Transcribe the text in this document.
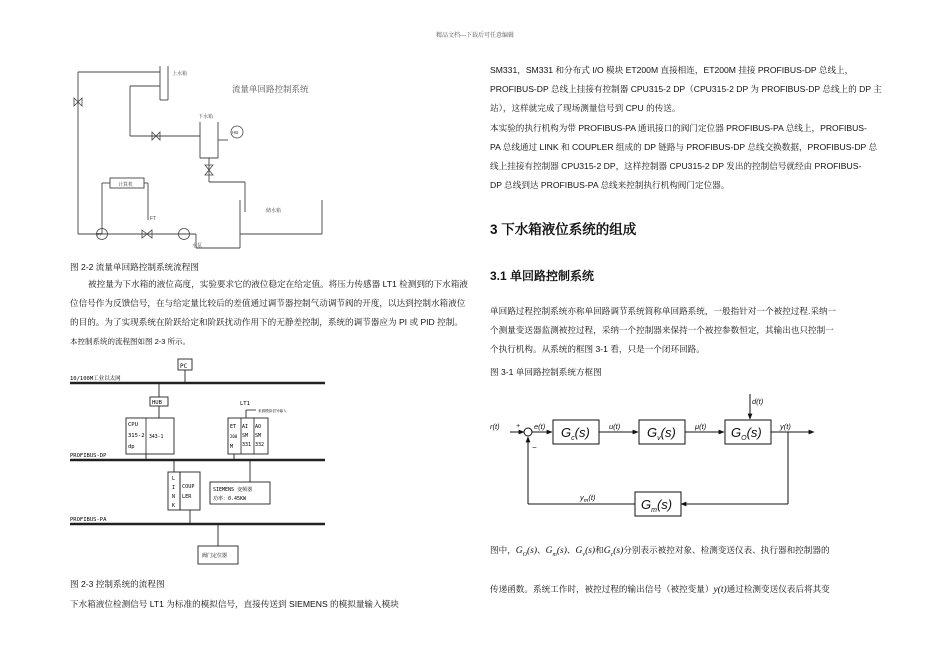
精品文档---下载后可任意编辑
流量单回路控制系统
上水箱
下水箱
储水箱
计算机
FT
FT
水泵
HB
图 2-2 流量单回路控制系统流程图
被控量为下水箱的液位高度，实验要求它的液位稳定在给定值。将压力传感器 LT1 检测到的下水箱液位信号作为反馈信号，在与给定量比较后的差值通过调节器控制气动调节阀的开度，以达到控制水箱液位的目的。为了实现系统在阶跃给定和阶跃扰动作用下的无静差控制，系统的调节器应为 PI 或 PID 控制。本控制系统的流程图如图 2-3 所示。
PC
10/100M工业以太网
HUB	LT1
来源模拟信号输入
CPU 315-2 dp
343-1
ET 200 M
AI SM 331
AO SM 332
PROFIBUS-DP
L I N K
COUP LER
SIEMENS 变频器
功率：0.45KW
PROFIBUS-PA
阀门定位器
图 2-3 控制系统的流程图
下水箱液位检测信号 LT1 为标准的模拟信号，直接传送到 SIEMENS 的模拟量输入模块
SM331，SM331 和分布式 I/O 模块 ET200M 直接相连，ET200M 挂接 PROFIBUS-DP 总线上，
PROFIBUS-DP 总线上挂接有控制器 CPU315-2 DP（CPU315-2 DP 为 PROFIBUS-DP 总线上的 DP 主
站），这样就完成了现场测量信号到 CPU 的传送。
本实验的执行机构为带 PROFIBUS-PA 通讯接口的阀门定位器 PROFIBUS-PA 总线上，PROFIBUS-
PA 总线通过 LINK 和 COUPLER 组成的 DP 链路与 PROFIBUS-DP 总线交换数据，PROFIBUS-DP 总
线上挂接有控制器 CPU315-2 DP，这样控制器 CPU315-2 DP 发出的控制信号就经由 PROFIBUS-
DP 总线到达 PROFIBUS-PA 总线来控制执行机构阀门定位器。
3 下水箱液位系统的组成
3.1 单回路控制系统
单回路过程控制系统亦称单回路调节系统简称单回路系统，一般指针对一个被控过程.采纳一
个测量变送器监测被控过程，采纳一个控制器来保持一个被控参数恒定，其输出也只控制一
个执行机构。从系统的框图 3-1 看，只是一个闭环回路。
图 3-1 单回路控制系统方框图
r(t) +
−
e(t)	u(t)	μ(t)
d(t)
y(t)
$y_m(t)$
$G_c(s)$	$G_v(s)$	$G_O(s)$
$G_m(s)$
图中，$G_O(s)$、$G_m(s)$、$G_v(s)$和$G_c(s)$分别表示被控对象、检测变送仪表、执行器和控制器的
传递函数。系统工作时，被控过程的输出信号（被控变量）y(t)通过检测变送仪表后将其变
